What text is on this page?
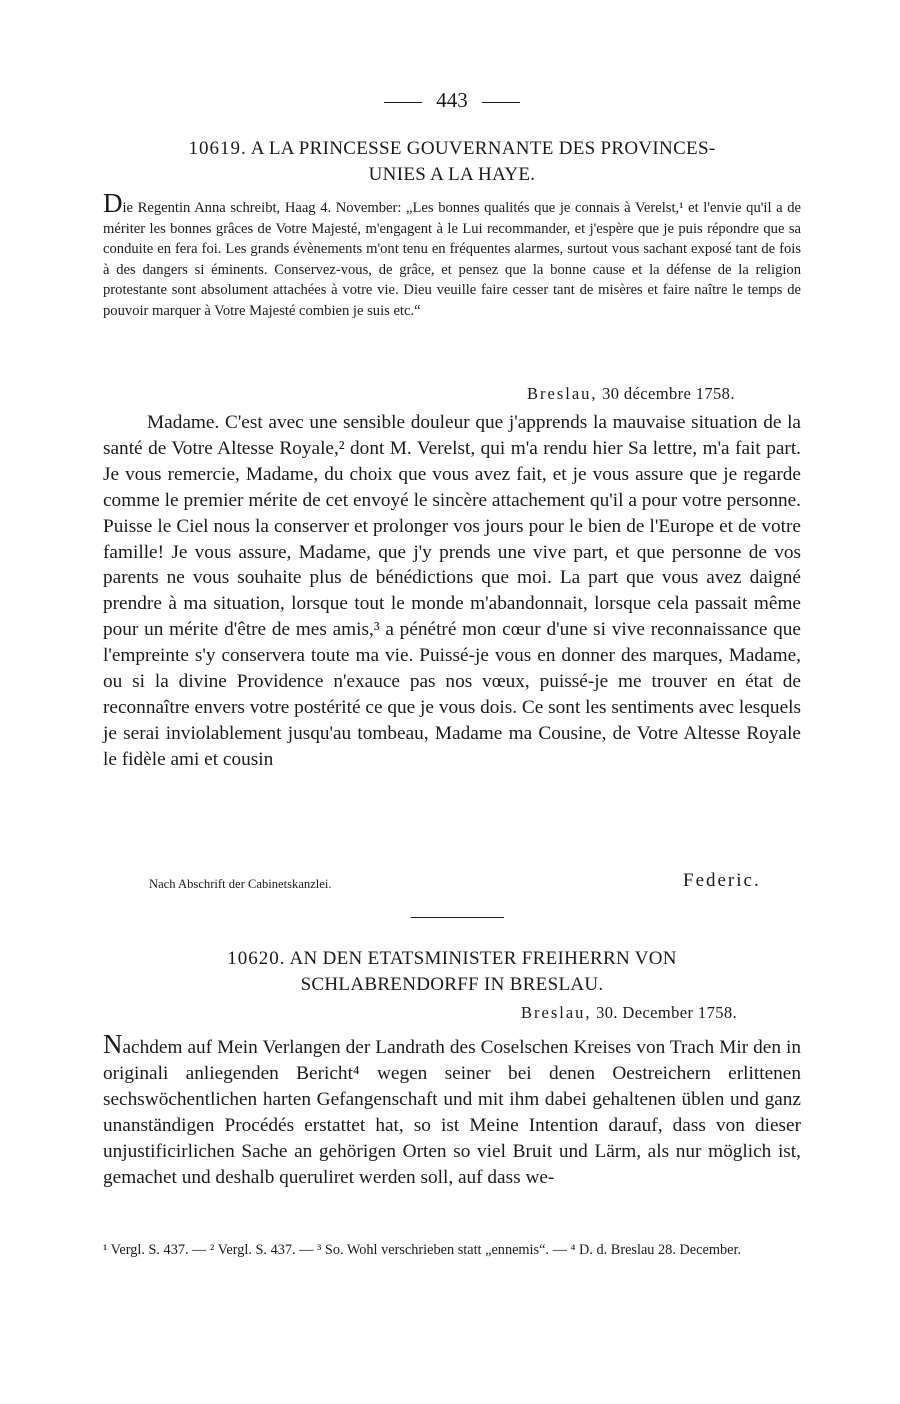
443
10619. A LA PRINCESSE GOUVERNANTE DES PROVINCES-
UNIES A LA HAYE.

Die Regentin Anna schreibt, Haag 4. November: „Les bonnes qualités que je connais à Verelst,¹ et l'envie qu'il a de mériter les bonnes grâces de Votre Majesté, m'engagent à le Lui recommander, et j'espère que je puis répondre que sa conduite en fera foi. Les grands évènements m'ont tenu en fréquentes alarmes, surtout vous sachant exposé tant de fois à des dangers si éminents. Conservez-vous, de grâce, et pensez que la bonne cause et la défense de la religion protestante sont absolument attachées à votre vie. Dieu veuille faire cesser tant de misères et faire naître le temps de pouvoir marquer à Votre Majesté combien je suis etc.“

Breslau, 30 décembre 1758.

Madame. C'est avec une sensible douleur que j'apprends la mauvaise situation de la santé de Votre Altesse Royale,² dont M. Verelst, qui m'a rendu hier Sa lettre, m'a fait part. Je vous remercie, Madame, du choix que vous avez fait, et je vous assure que je regarde comme le premier mérite de cet envoyé le sincère attachement qu'il a pour votre personne. Puisse le Ciel nous la conserver et prolonger vos jours pour le bien de l'Europe et de votre famille! Je vous assure, Madame, que j'y prends une vive part, et que personne de vos parents ne vous souhaite plus de bénédictions que moi. La part que vous avez daigné prendre à ma situation, lorsque tout le monde m'abandonnait, lorsque cela passait même pour un mérite d'être de mes amis,³ a pénétré mon cœur d'une si vive reconnaissance que l'empreinte s'y conservera toute ma vie. Puissé-je vous en donner des marques, Madame, ou si la divine Providence n'exauce pas nos vœux, puissé-je me trouver en état de reconnaître envers votre postérité ce que je vous dois. Ce sont les sentiments avec lesquels je serai inviolablement jusqu'au tombeau, Madame ma Cousine, de Votre Altesse Royale le fidèle ami et cousin

Nach Abschrift der Cabinetskanzlei.	Federic.
10620. AN DEN ETATSMINISTER FREIHERRN VON
SCHLABRENDORFF IN BRESLAU.
Breslau, 30. December 1758.

Nachdem auf Mein Verlangen der Landrath des Coselschen Kreises von Trach Mir den in originali anliegenden Bericht⁴ wegen seiner bei denen Oestreichern erlittenen sechswöchentlichen harten Gefangenschaft und mit ihm dabei gehaltenen üblen und ganz unanständigen Procédés erstattet hat, so ist Meine Intention darauf, dass von dieser unjustificirlichen Sache an gehörigen Orten so viel Bruit und Lärm, als nur möglich ist, gemachet und deshalb queruliret werden soll, auf dass we-

¹ Vergl. S. 437. — ² Vergl. S. 437. — ³ So. Wohl verschrieben statt „ennemis“. — ⁴ D. d. Breslau 28. December.
